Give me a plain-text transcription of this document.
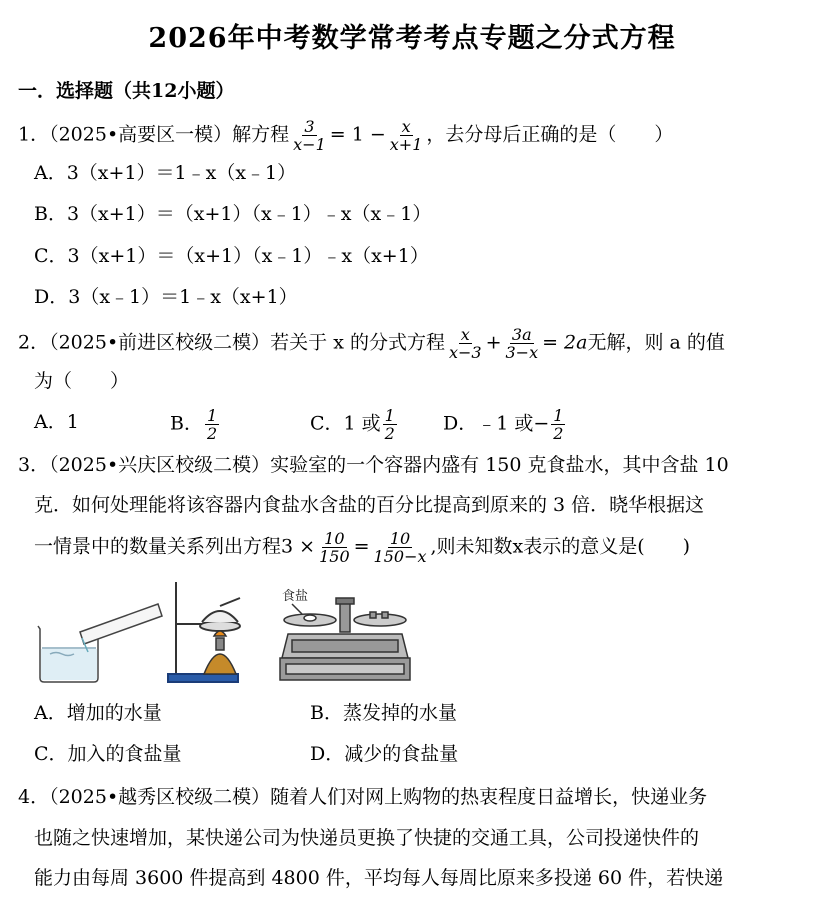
2026年中考数学常考考点专题之分式方程
一．选择题（共12小题）
1．（2025•高要区一模）解方程 $\frac{3}{x-1} = 1 - \frac{x}{x+1}$ ，去分母后正确的是（　　）
A．3（x+1）＝1﹣x（x﹣1）
B．3（x+1）＝（x+1）（x﹣1）﹣x（x﹣1）
C．3（x+1）＝（x+1）（x﹣1）﹣x（x+1）
D．3（x﹣1）＝1﹣x（x+1）
2．（2025•前进区校级二模）若关于 x 的分式方程 $\frac{x}{x-3} + \frac{3a}{3-x} = 2a$无解，则 a 的值
为（　　）
A．1	B． $\frac{1}{2}$	C．1 或 $\frac{1}{2}$ D．﹣1 或− $\frac{1}{2}$
3．（2025•兴庆区校级二模）实验室的一个容器内盛有 150 克食盐水，其中含盐 10
克．如何处理能将该容器内食盐水含盐的百分比提高到原来的 3 倍．晓华根据这
一情景中的数量关系列出方程$3 \times \frac{10}{150} = \frac{10}{150-x}$ ,则未知数x表示的意义是(　　)
食盐
A．增加的水量	B．蒸发掉的水量
C．加入的食盐量	D．减少的食盐量
4．（2025•越秀区校级二模）随着人们对网上购物的热衷程度日益增长，快递业务
也随之快速增加，某快递公司为快递员更换了快捷的交通工具，公司投递快件的
能力由每周 3600 件提高到 4800 件，平均每人每周比原来多投递 60 件，若快递
